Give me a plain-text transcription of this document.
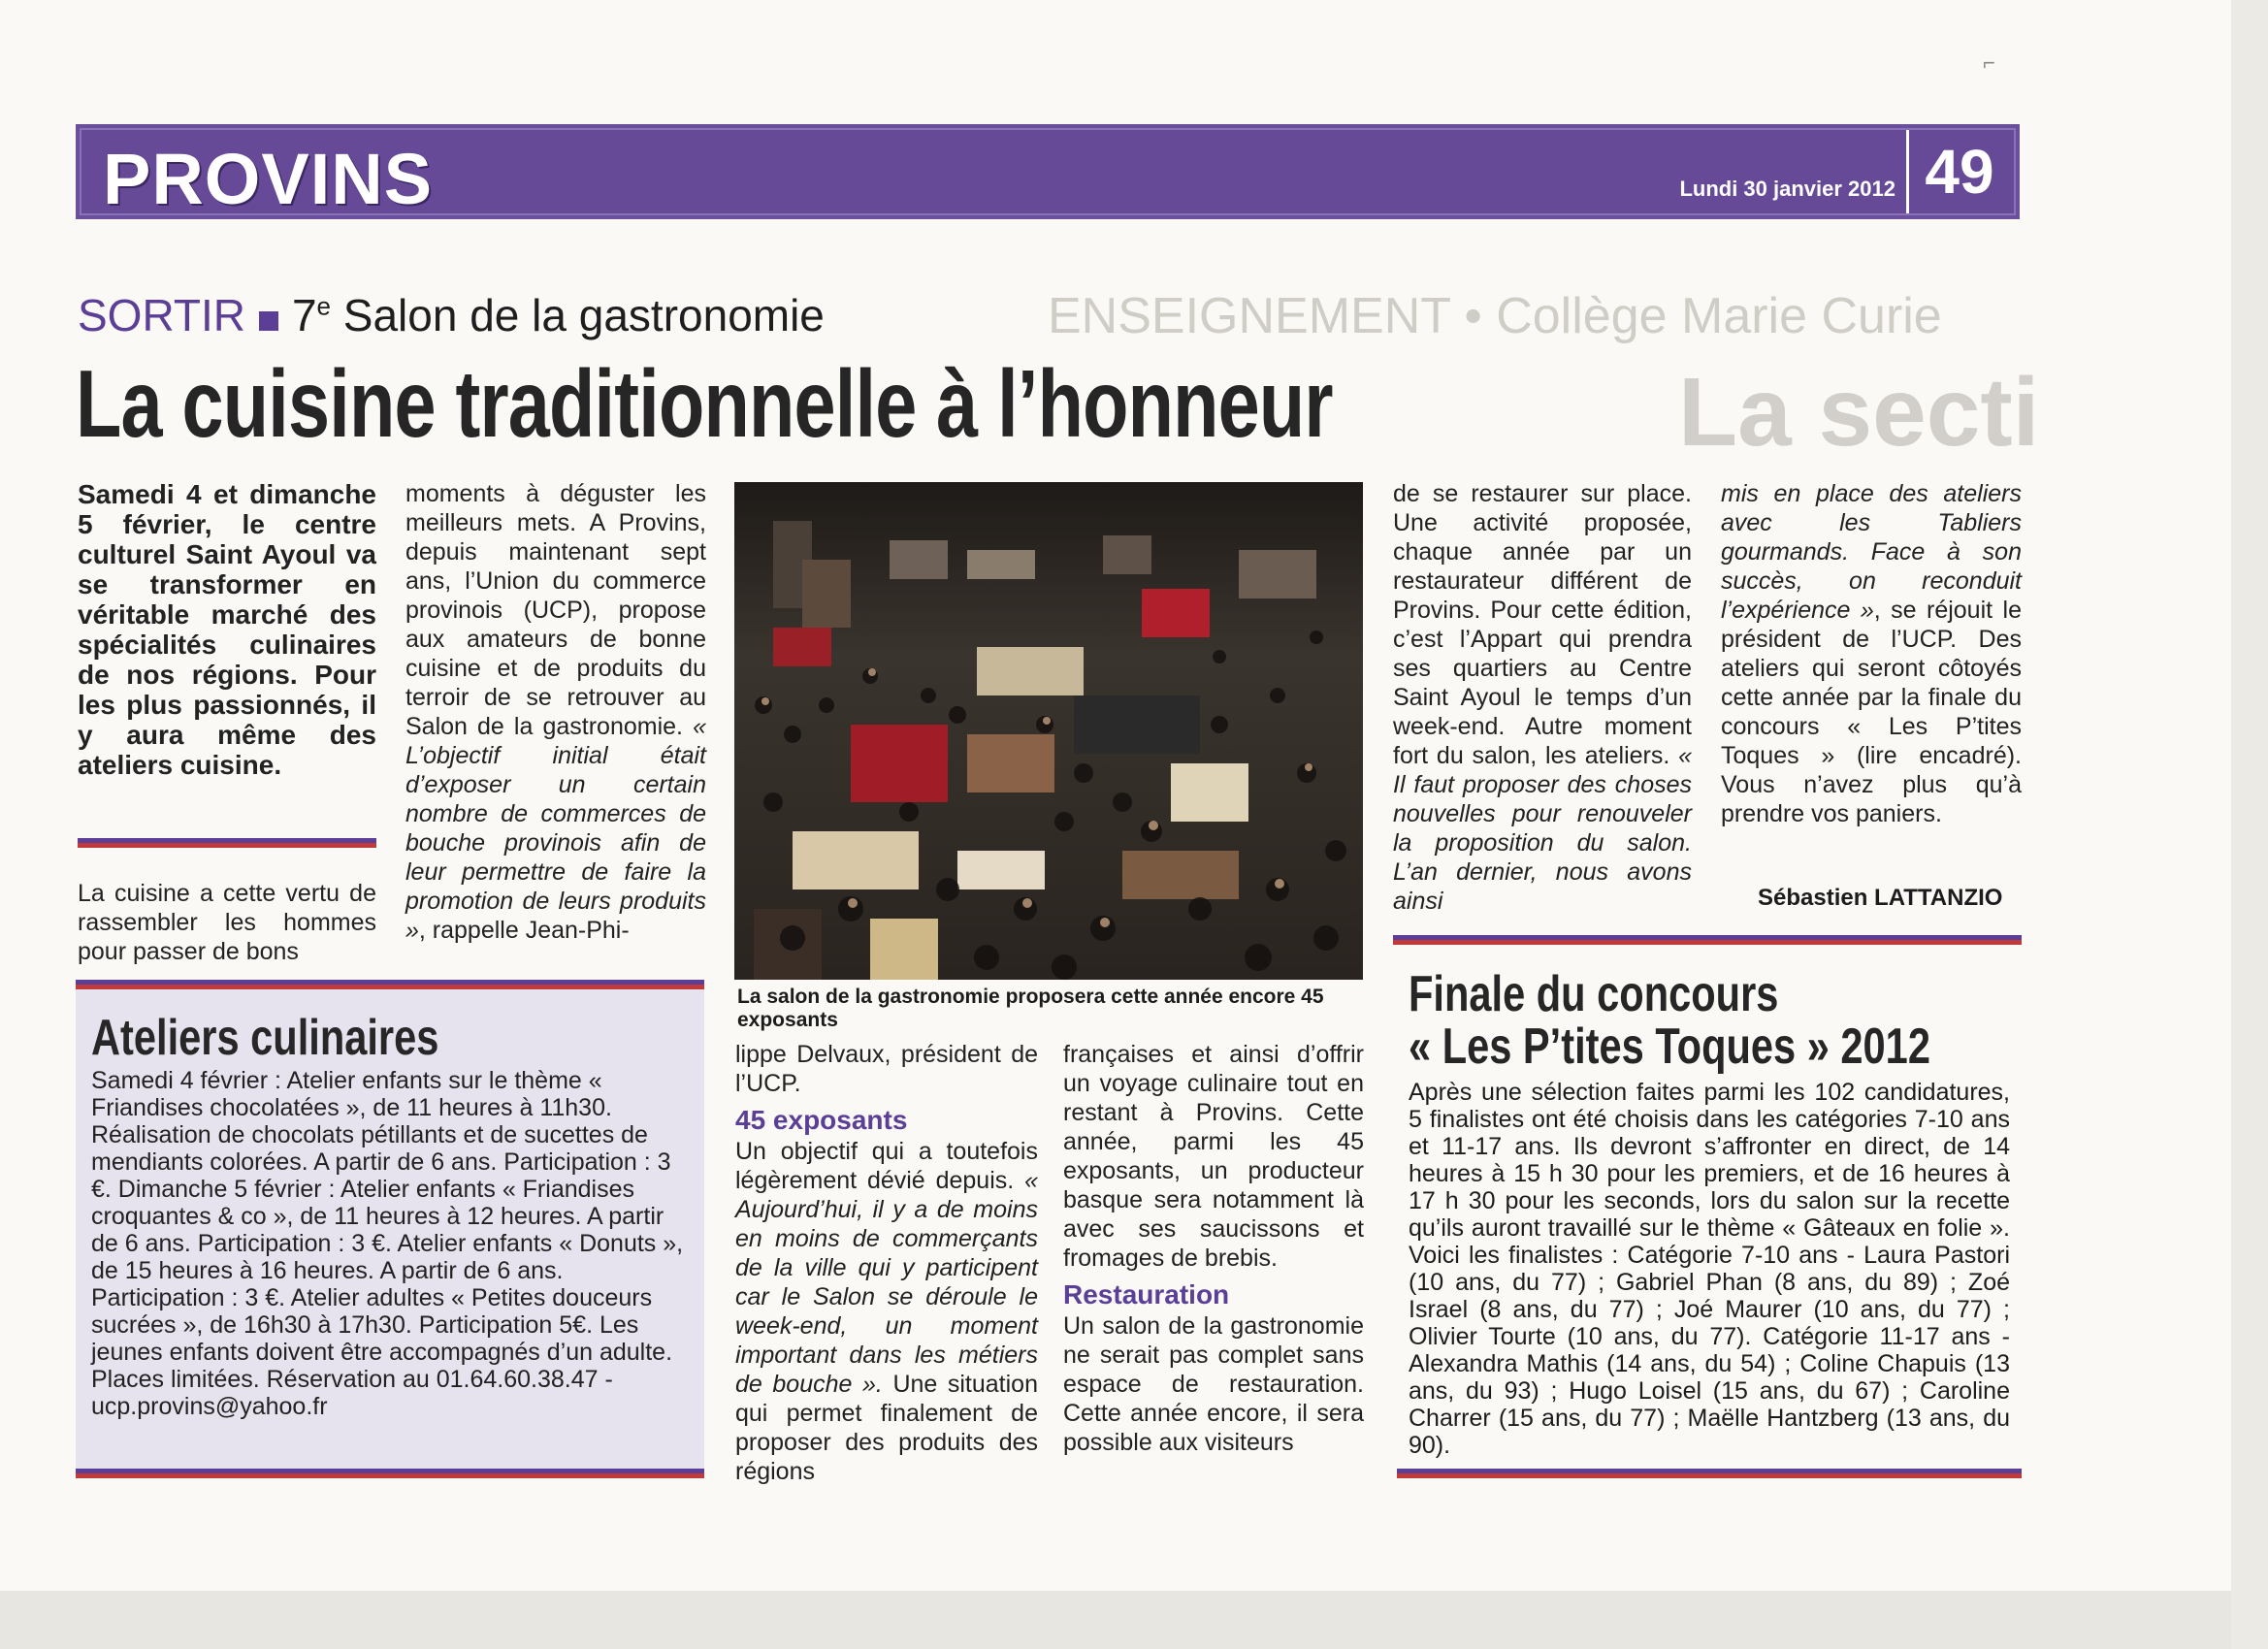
PROVINS	Lundi 30 janvier 2012 49
ENSEIGNEMENT • Collège Marie Curie
La secti
SORTIR 7e Salon de la gastronomie
La cuisine traditionnelle à l’honneur

Samedi 4 et dimanche 5 février, le centre culturel Saint Ayoul va se transformer en véritable marché des spécialités culinaires de nos régions. Pour les plus passionnés, il y aura même des ateliers cuisine.

La cuisine a cette vertu de rassembler les hommes pour passer de bons

moments à déguster les meilleurs mets. A Provins, depuis maintenant sept ans, l’Union du commerce provinois (UCP), propose aux amateurs de bonne cuisine et de produits du terroir de se retrouver au Salon de la gastronomie. « L’objectif initial était d’exposer un certain nombre de commerces de bouche provinois afin de leur permettre de faire la promotion de leurs produits », rappelle Jean-Phi-

La salon de la gastronomie proposera cette année encore 45 exposants

lippe Delvaux, président de l’UCP.

45 exposants

Un objectif qui a toutefois légèrement dévié depuis. « Aujourd’hui, il y a de moins en moins de commerçants de la ville qui y participent car le Salon se déroule le week-end, un moment important dans les métiers de bouche ». Une situation qui permet finalement de proposer des produits des régions

françaises et ainsi d’offrir un voyage culinaire tout en restant à Provins. Cette année, parmi les 45 exposants, un producteur basque sera notamment là avec ses saucissons et fromages de brebis.

Restauration

Un salon de la gastronomie ne serait pas complet sans espace de restauration. Cette année encore, il sera possible aux visiteurs

de se restaurer sur place. Une activité proposée, chaque année par un restaurateur différent de Provins. Pour cette édition, c’est l’Appart qui prendra ses quartiers au Centre Saint Ayoul le temps d’un week-end. Autre moment fort du salon, les ateliers. « Il faut proposer des choses nouvelles pour renouveler la proposition du salon. L’an dernier, nous avons ainsi

mis en place des ateliers avec les Tabliers gourmands. Face à son succès, on reconduit l’expérience », se réjouit le président de l’UCP. Des ateliers qui seront côtoyés cette année par la finale du concours « Les P’tites Toques » (lire encadré). Vous n’avez plus qu’à prendre vos paniers.

Sébastien LATTANZIO
Ateliers culinaires
Samedi 4 février : Atelier enfants sur le thème « Friandises chocolatées », de 11 heures à 11h30. Réalisation de chocolats pétillants et de sucettes de mendiants colorées. A partir de 6 ans. Participation : 3 €. Dimanche 5 février : Atelier enfants « Friandises croquantes & co », de 11 heures à 12 heures. A partir de 6 ans. Participation : 3 €. Atelier enfants « Donuts », de 15 heures à 16 heures. A partir de 6 ans. Participation : 3 €. Atelier adultes « Petites douceurs sucrées », de 16h30 à 17h30. Participation 5€. Les jeunes enfants doivent être accompagnés d’un adulte. Places limitées. Réservation au 01.64.60.38.47 - ucp.provins@yahoo.fr
Finale du concours
« Les P’tites Toques » 2012
Après une sélection faites parmi les 102 candidatures, 5 finalistes ont été choisis dans les catégories 7-10 ans et 11-17 ans. Ils devront s’affronter en direct, de 14 heures à 15 h 30 pour les premiers, et de 16 heures à 17 h 30 pour les seconds, lors du salon sur la recette qu’ils auront travaillé sur le thème « Gâteaux en folie ». Voici les finalistes : Catégorie 7-10 ans - Laura Pastori (10 ans, du 77) ; Gabriel Phan (8 ans, du 89) ; Zoé Israel (8 ans, du 77) ; Joé Maurer (10 ans, du 77) ; Olivier Tourte (10 ans, du 77). Catégorie 11-17 ans - Alexandra Mathis (14 ans, du 54) ; Coline Chapuis (13 ans, du 93) ; Hugo Loisel (15 ans, du 67) ; Caroline Charrer (15 ans, du 77) ; Maëlle Hantzberg (13 ans, du 90).
⌐
